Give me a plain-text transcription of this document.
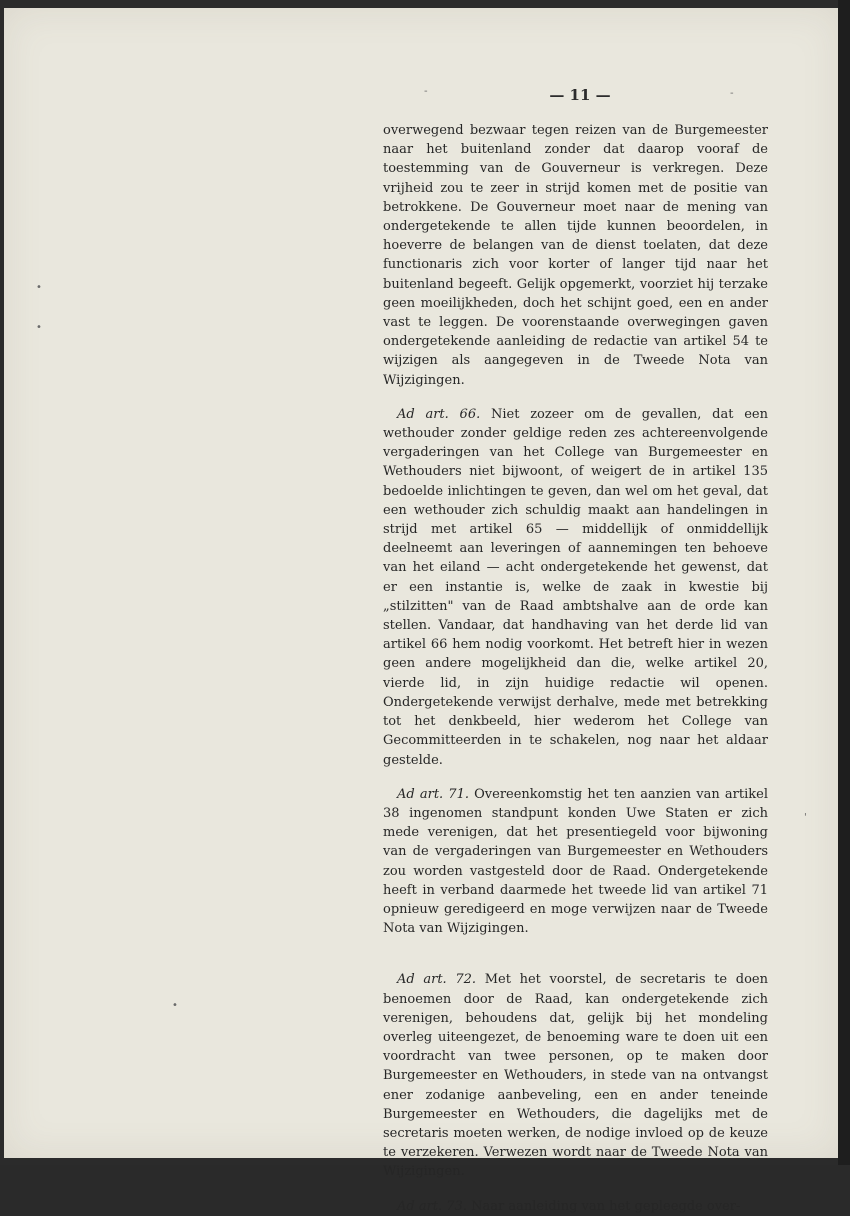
-	-
•
•
•
'
— 11 —

overwegend bezwaar tegen reizen van de Burgemeester naar het buitenland zonder dat daarop vooraf de toestemming van de Gouverneur is verkregen. Deze vrijheid zou te zeer in strijd komen met de positie van betrokkene. De Gouverneur moet naar de mening van ondergetekende te allen tijde kunnen beoordelen, in hoeverre de belangen van de dienst toelaten, dat deze functionaris zich voor korter of langer tijd naar het buitenland begeeft. Gelijk opgemerkt, voorziet hij terzake geen moeilijkheden, doch het schijnt goed, een en ander vast te leggen. De voorenstaande overwegingen gaven ondergetekende aanleiding de redactie van artikel 54 te wijzigen als aangegeven in de Tweede Nota van Wijzigingen.

Ad art. 66. Niet zozeer om de gevallen, dat een wethouder zonder geldige reden zes achtereenvolgende vergaderingen van het College van Burgemeester en Wethouders niet bijwoont, of weigert de in artikel 135 bedoelde inlichtingen te geven, dan wel om het geval, dat een wethouder zich schuldig maakt aan handelingen in strijd met artikel 65 — middellijk of onmiddellijk deelneemt aan leveringen of aannemingen ten behoeve van het eiland — acht ondergetekende het gewenst, dat er een instantie is, welke de zaak in kwestie bij „stilzitten" van de Raad ambtshalve aan de orde kan stellen. Vandaar, dat handhaving van het derde lid van artikel 66 hem nodig voorkomt. Het betreft hier in wezen geen andere mogelijkheid dan die, welke artikel 20, vierde lid, in zijn huidige redactie wil openen. Ondergetekende verwijst derhalve, mede met betrekking tot het denkbeeld, hier wederom het College van Gecommitteerden in te schakelen, nog naar het aldaar gestelde.

Ad art. 71. Overeenkomstig het ten aanzien van artikel 38 ingenomen standpunt konden Uwe Staten er zich mede verenigen, dat het presentiegeld voor bijwoning van de vergaderingen van Burgemeester en Wethouders zou worden vastgesteld door de Raad. Ondergetekende heeft in verband daarmede het tweede lid van artikel 71 opnieuw geredigeerd en moge verwijzen naar de Tweede Nota van Wijzigingen.

Ad art. 72. Met het voorstel, de secretaris te doen benoemen door de Raad, kan ondergetekende zich verenigen, behoudens dat, gelijk bij het mondeling overleg uiteengezet, de benoeming ware te doen uit een voordracht van twee personen, op te maken door Burgemeester en Wethouders, in stede van na ontvangst ener zodanige aanbeveling, een en ander teneinde Burgemeester en Wethouders, die dagelijks met de secretaris moeten werken, de nodige invloed op de keuze te verzekeren. Verwezen wordt naar de Tweede Nota van Wijzigingen.

Ad art. 73. Naar aanleiding van het gepleegde over-
